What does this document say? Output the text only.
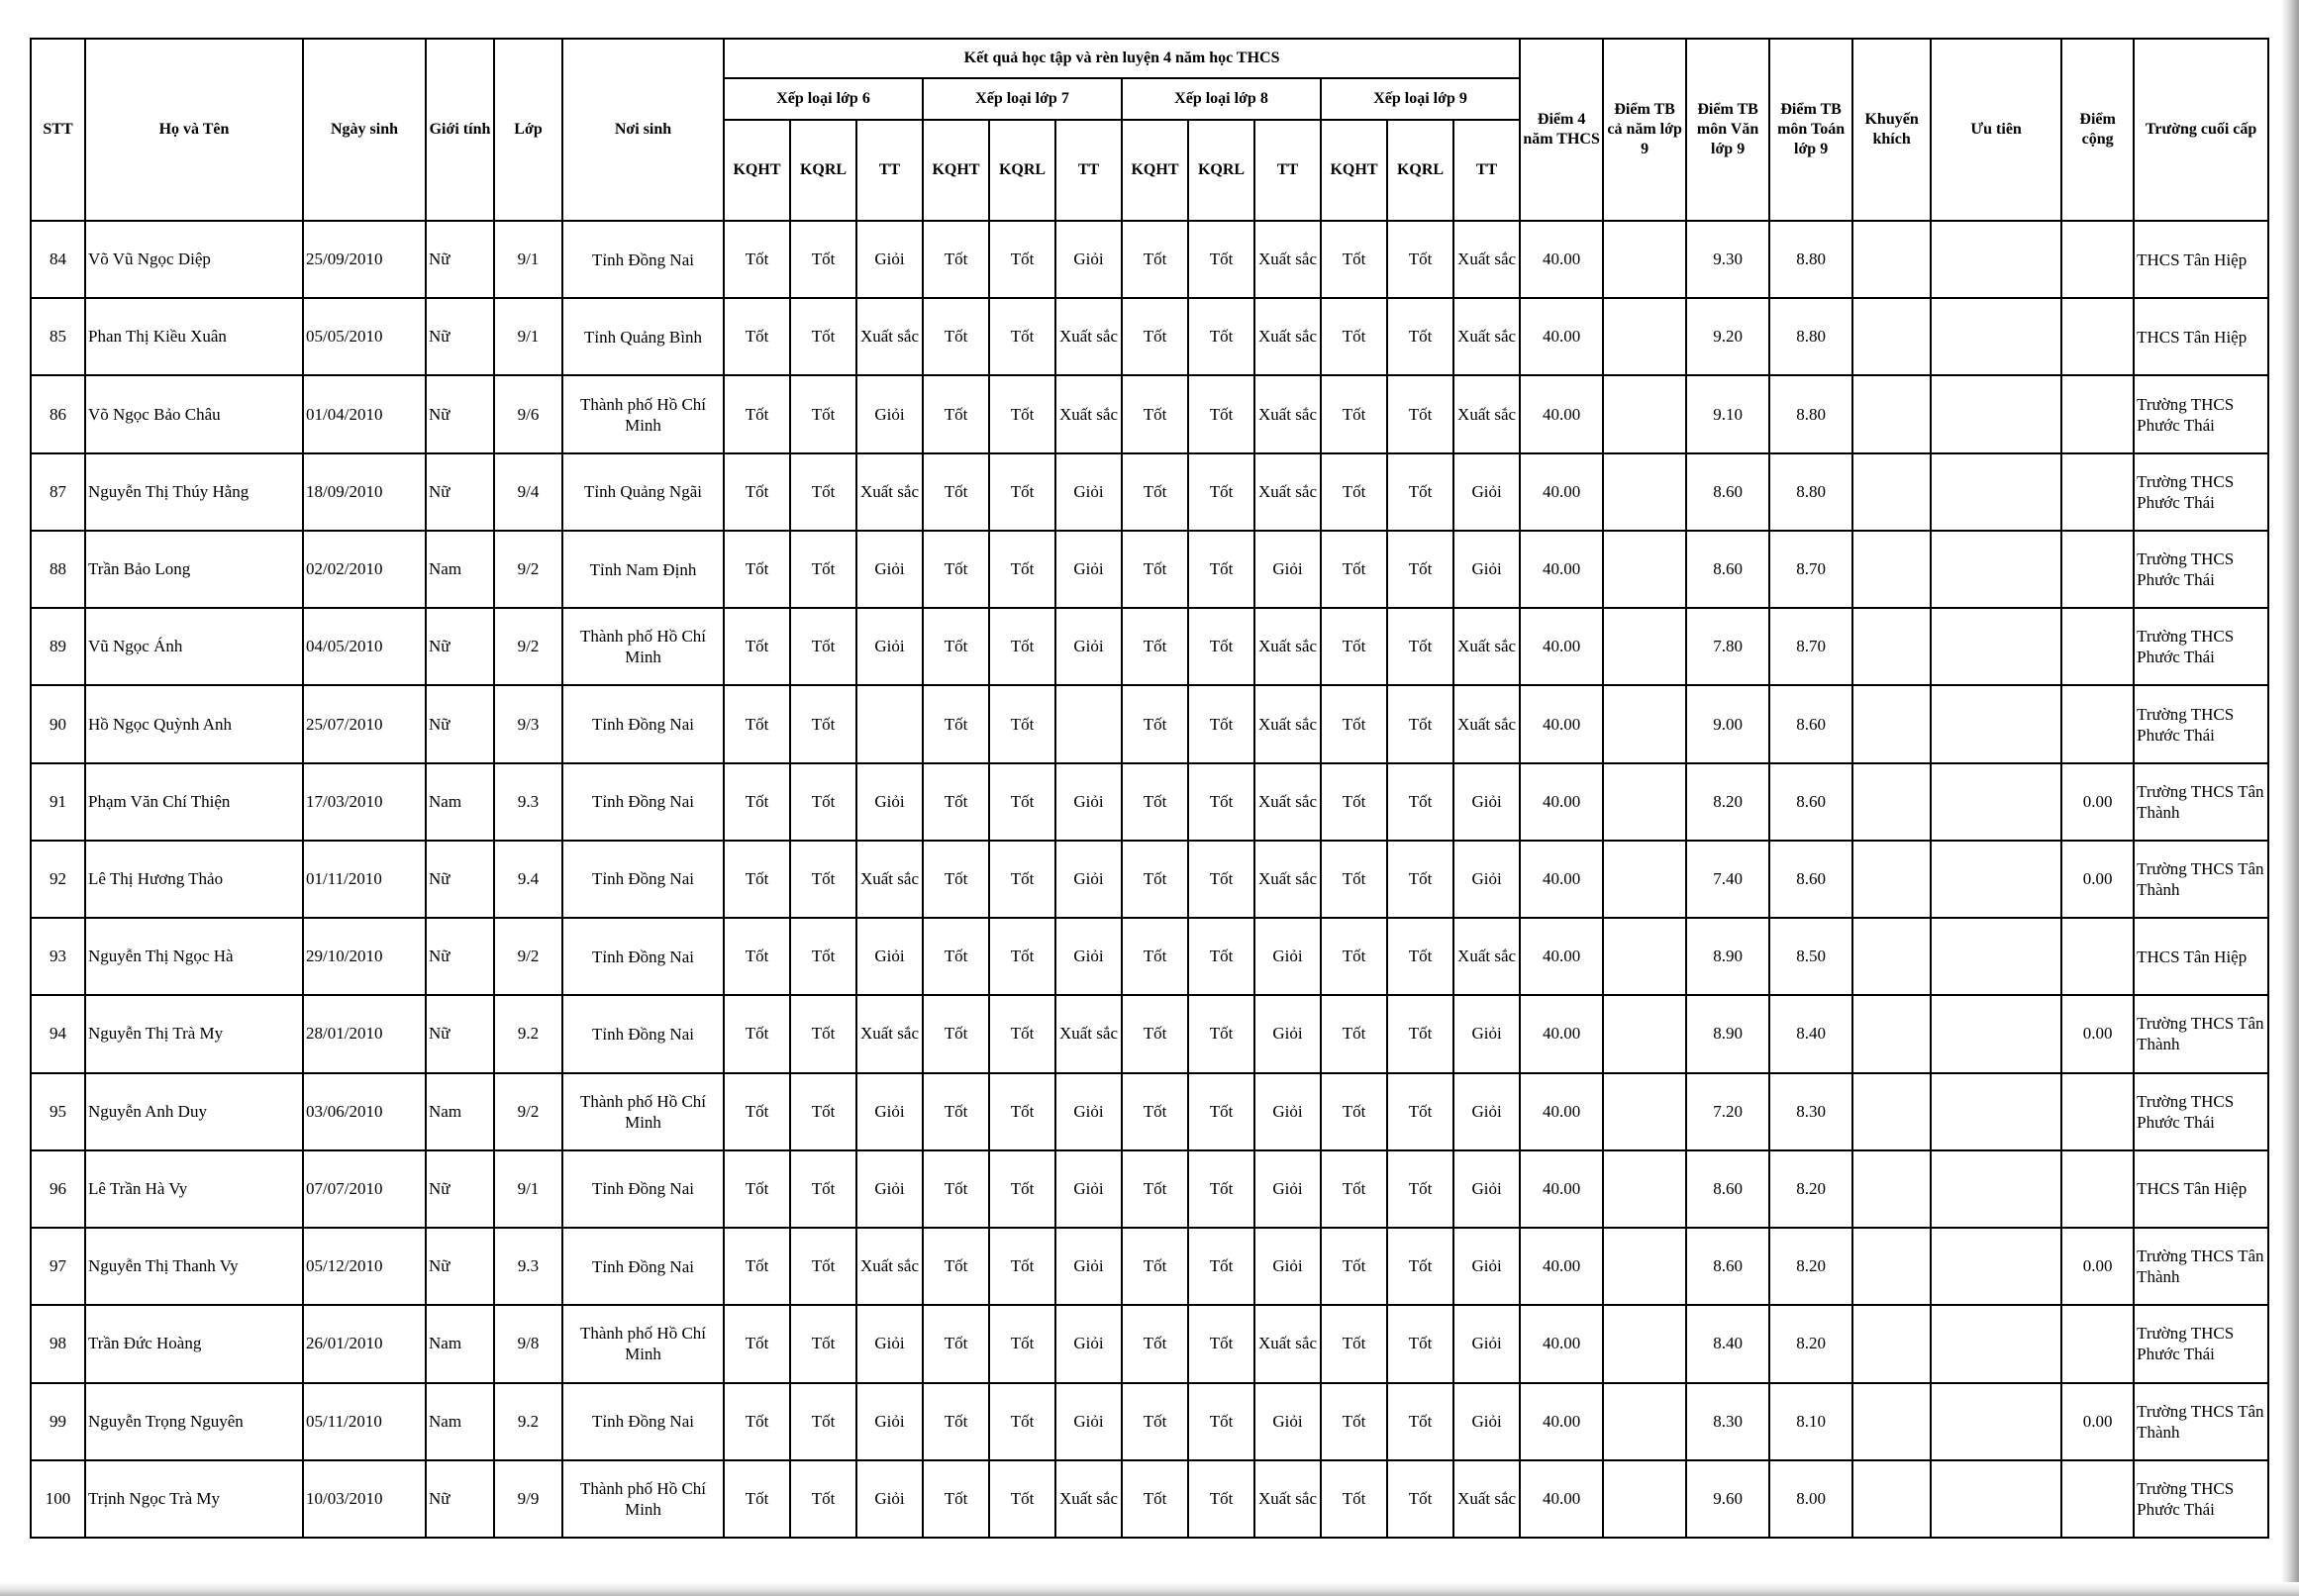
STT	Họ và Tên	Ngày sinh	Giới tính	Lớp	Nơi sinh	Kết quả học tập và rèn luyện 4 năm học THCS												Điểm 4 năm THCS	Điểm TB cả năm lớp 9	Điểm TB môn Văn lớp 9	Điểm TB môn Toán lớp 9	Khuyến khích	Ưu tiên	Điểm cộng	Trường cuối cấp
						Xếp loại lớp 6			Xếp loại lớp 7			Xếp loại lớp 8			Xếp loại lớp 9										
						KQHT	KQRL	TT	KQHT	KQRL	TT	KQHT	KQRL	TT	KQHT	KQRL	TT								
84	Võ Vũ Ngọc Diệp	25/09/2010	Nữ	9/1	Tỉnh Đồng Nai	Tốt	Tốt	Giỏi	Tốt	Tốt	Giỏi	Tốt	Tốt	Xuất sắc	Tốt	Tốt	Xuất sắc	40.00		9.30	8.80				THCS Tân Hiệp
85	Phan Thị Kiều Xuân	05/05/2010	Nữ	9/1	Tỉnh Quảng Bình	Tốt	Tốt	Xuất sắc	Tốt	Tốt	Xuất sắc	Tốt	Tốt	Xuất sắc	Tốt	Tốt	Xuất sắc	40.00		9.20	8.80				THCS Tân Hiệp
86	Võ Ngọc Bảo Châu	01/04/2010	Nữ	9/6	Thành phố Hồ Chí Minh	Tốt	Tốt	Giỏi	Tốt	Tốt	Xuất sắc	Tốt	Tốt	Xuất sắc	Tốt	Tốt	Xuất sắc	40.00		9.10	8.80				Trường THCS Phước Thái
87	Nguyễn Thị Thúy Hằng	18/09/2010	Nữ	9/4	Tỉnh Quảng Ngãi	Tốt	Tốt	Xuất sắc	Tốt	Tốt	Giỏi	Tốt	Tốt	Xuất sắc	Tốt	Tốt	Giỏi	40.00		8.60	8.80				Trường THCS Phước Thái
88	Trần Bảo Long	02/02/2010	Nam	9/2	Tỉnh Nam Định	Tốt	Tốt	Giỏi	Tốt	Tốt	Giỏi	Tốt	Tốt	Giỏi	Tốt	Tốt	Giỏi	40.00		8.60	8.70				Trường THCS Phước Thái
89	Vũ Ngọc Ánh	04/05/2010	Nữ	9/2	Thành phố Hồ Chí Minh	Tốt	Tốt	Giỏi	Tốt	Tốt	Giỏi	Tốt	Tốt	Xuất sắc	Tốt	Tốt	Xuất sắc	40.00		7.80	8.70				Trường THCS Phước Thái
90	Hồ Ngọc Quỳnh Anh	25/07/2010	Nữ	9/3	Tỉnh Đồng Nai	Tốt	Tốt		Tốt	Tốt		Tốt	Tốt	Xuất sắc	Tốt	Tốt	Xuất sắc	40.00		9.00	8.60				Trường THCS Phước Thái
91	Phạm Văn Chí Thiện	17/03/2010	Nam	9.3	Tỉnh Đồng Nai	Tốt	Tốt	Giỏi	Tốt	Tốt	Giỏi	Tốt	Tốt	Xuất sắc	Tốt	Tốt	Giỏi	40.00		8.20	8.60			0.00	Trường THCS Tân Thành
92	Lê Thị Hương Thảo	01/11/2010	Nữ	9.4	Tỉnh Đồng Nai	Tốt	Tốt	Xuất sắc	Tốt	Tốt	Giỏi	Tốt	Tốt	Xuất sắc	Tốt	Tốt	Giỏi	40.00		7.40	8.60			0.00	Trường THCS Tân Thành
93	Nguyễn Thị Ngọc Hà	29/10/2010	Nữ	9/2	Tỉnh Đồng Nai	Tốt	Tốt	Giỏi	Tốt	Tốt	Giỏi	Tốt	Tốt	Giỏi	Tốt	Tốt	Xuất sắc	40.00		8.90	8.50				THCS Tân Hiệp
94	Nguyễn Thị Trà My	28/01/2010	Nữ	9.2	Tỉnh Đồng Nai	Tốt	Tốt	Xuất sắc	Tốt	Tốt	Xuất sắc	Tốt	Tốt	Giỏi	Tốt	Tốt	Giỏi	40.00		8.90	8.40			0.00	Trường THCS Tân Thành
95	Nguyễn Anh Duy	03/06/2010	Nam	9/2	Thành phố Hồ Chí Minh	Tốt	Tốt	Giỏi	Tốt	Tốt	Giỏi	Tốt	Tốt	Giỏi	Tốt	Tốt	Giỏi	40.00		7.20	8.30				Trường THCS Phước Thái
96	Lê Trần Hà Vy	07/07/2010	Nữ	9/1	Tỉnh Đồng Nai	Tốt	Tốt	Giỏi	Tốt	Tốt	Giỏi	Tốt	Tốt	Giỏi	Tốt	Tốt	Giỏi	40.00		8.60	8.20				THCS Tân Hiệp
97	Nguyễn Thị Thanh Vy	05/12/2010	Nữ	9.3	Tỉnh Đồng Nai	Tốt	Tốt	Xuất sắc	Tốt	Tốt	Giỏi	Tốt	Tốt	Giỏi	Tốt	Tốt	Giỏi	40.00		8.60	8.20			0.00	Trường THCS Tân Thành
98	Trần Đức Hoàng	26/01/2010	Nam	9/8	Thành phố Hồ Chí Minh	Tốt	Tốt	Giỏi	Tốt	Tốt	Giỏi	Tốt	Tốt	Xuất sắc	Tốt	Tốt	Giỏi	40.00		8.40	8.20				Trường THCS Phước Thái
99	Nguyễn Trọng Nguyên	05/11/2010	Nam	9.2	Tỉnh Đồng Nai	Tốt	Tốt	Giỏi	Tốt	Tốt	Giỏi	Tốt	Tốt	Giỏi	Tốt	Tốt	Giỏi	40.00		8.30	8.10			0.00	Trường THCS Tân Thành
100	Trịnh Ngọc Trà My	10/03/2010	Nữ	9/9	Thành phố Hồ Chí Minh	Tốt	Tốt	Giỏi	Tốt	Tốt	Xuất sắc	Tốt	Tốt	Xuất sắc	Tốt	Tốt	Xuất sắc	40.00		9.60	8.00				Trường THCS Phước Thái
